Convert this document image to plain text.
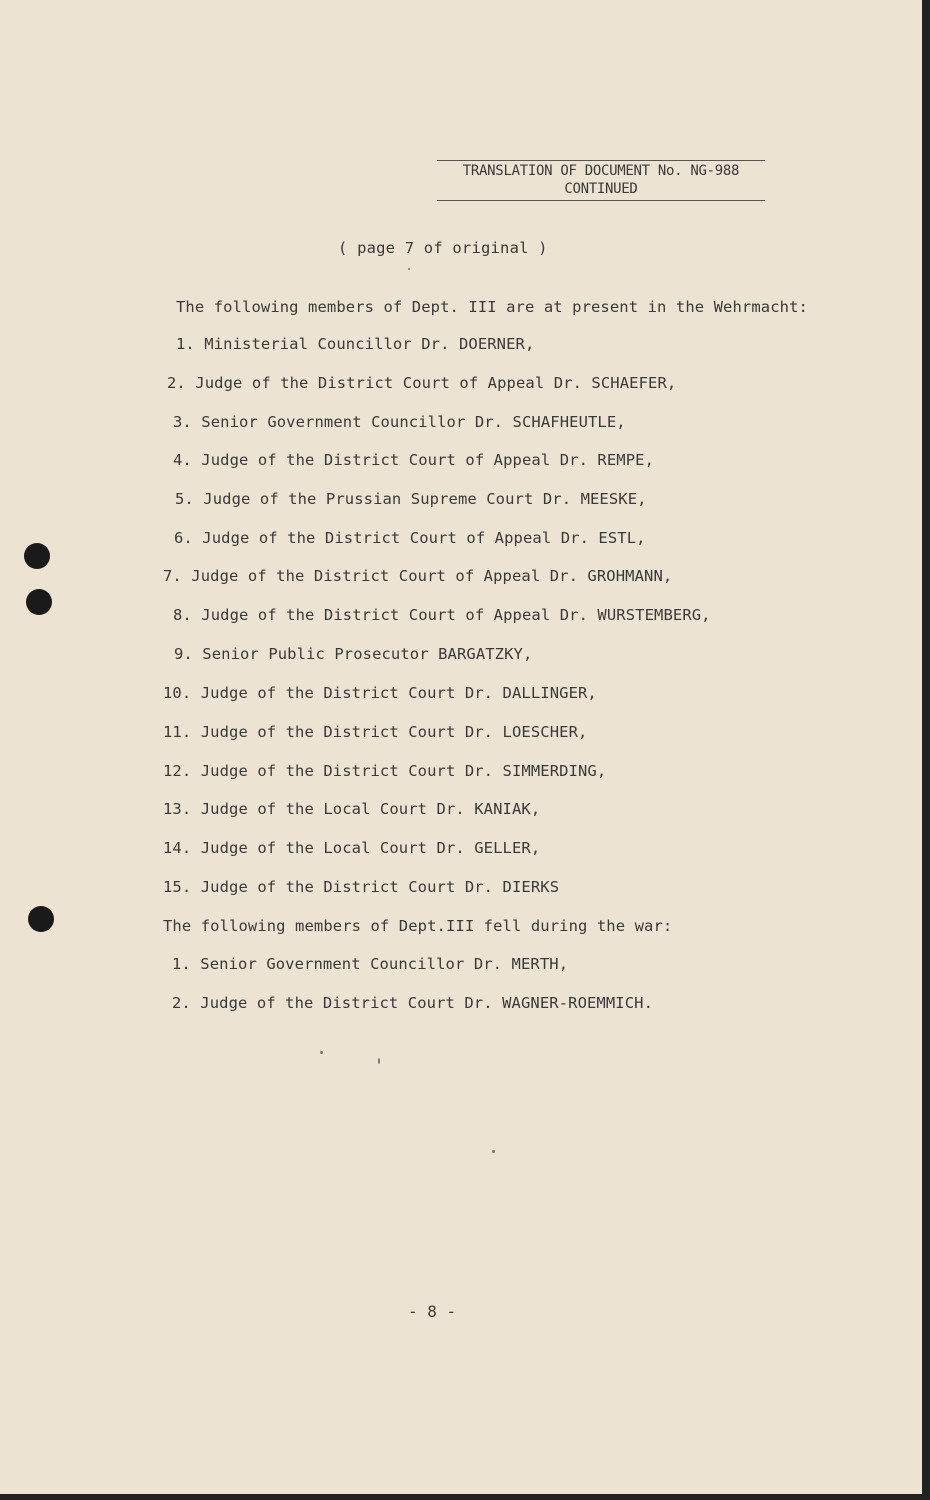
TRANSLATION OF DOCUMENT No. NG-988
CONTINUED
( page 7 of original )
The following members of Dept. III are at present in the Wehrmacht:
1. Ministerial Councillor Dr. DOERNER,
2. Judge of the District Court of Appeal Dr. SCHAEFER,
3. Senior Government Councillor Dr. SCHAFHEUTLE,
4. Judge of the District Court of Appeal Dr. REMPE,
5. Judge of the Prussian Supreme Court Dr. MEESKE,
6. Judge of the District Court of Appeal Dr. ESTL,
7. Judge of the District Court of Appeal Dr. GROHMANN,
8. Judge of the District Court of Appeal Dr. WURSTEMBERG,
9. Senior Public Prosecutor BARGATZKY,
10. Judge of the District Court Dr. DALLINGER,
11. Judge of the District Court Dr. LOESCHER,
12. Judge of the District Court Dr. SIMMERDING,
13. Judge of the Local Court Dr. KANIAK,
14. Judge of the Local Court Dr. GELLER,
15. Judge of the District Court Dr. DIERKS
The following members of Dept.III fell during the war:
1. Senior Government Councillor Dr. MERTH,
2. Judge of the District Court Dr. WAGNER-ROEMMICH.
- 8 -
